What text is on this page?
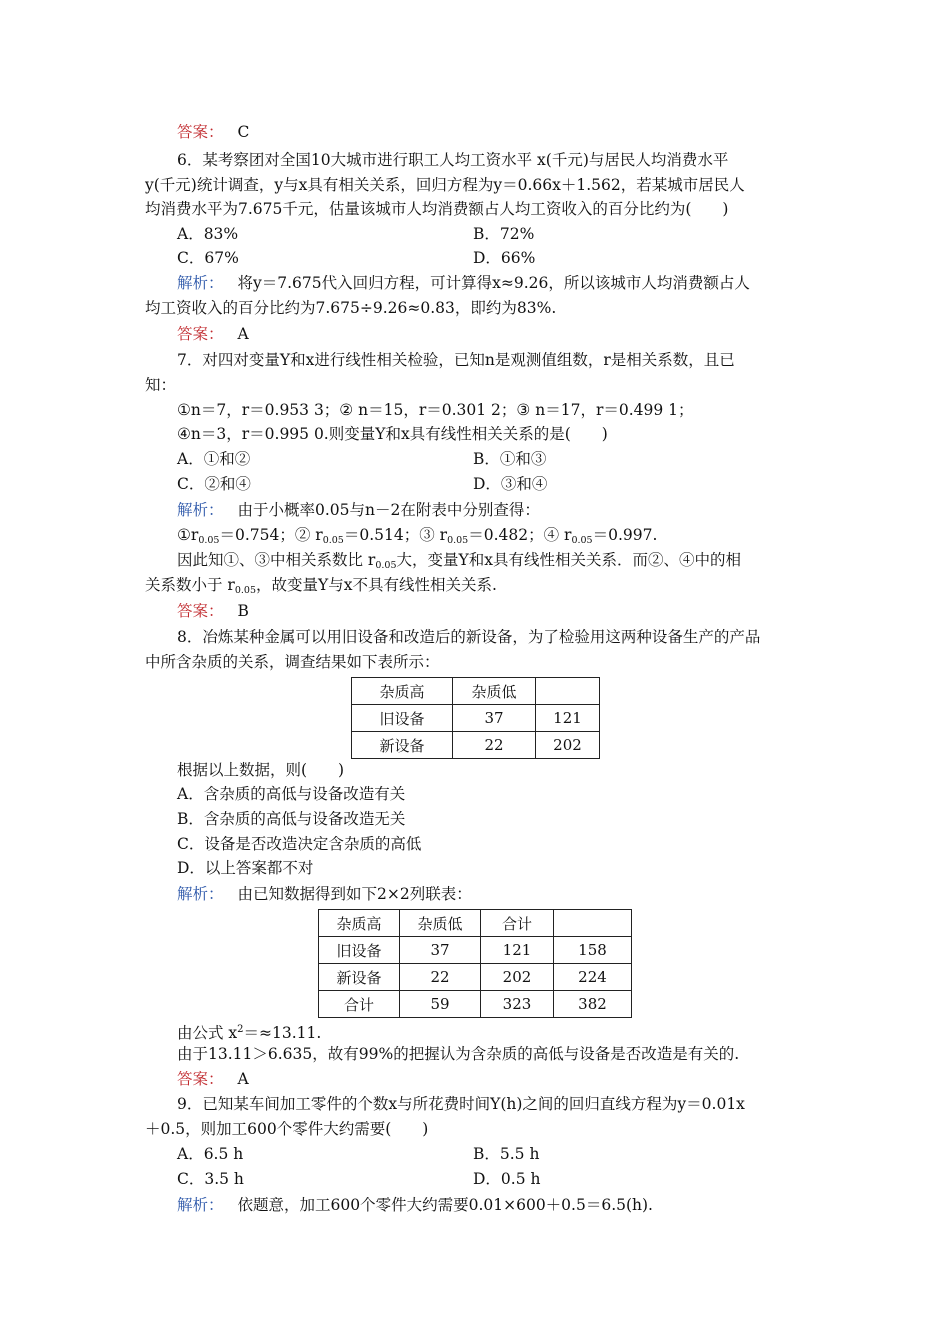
答案： C
6．某考察团对全国10大城市进行职工人均工资水平 x(千元)与居民人均消费水平
y(千元)统计调查，y与x具有相关关系，回归方程为y＝0.66x＋1.562，若某城市居民人
均消费水平为7.675千元，估量该城市人均消费额占人均工资收入的百分比约为(　　)
A．83%	B．72%
C．67%	D．66%
解析： 将y＝7.675代入回归方程，可计算得x≈9.26，所以该城市人均消费额占人
均工资收入的百分比约为7.675÷9.26≈0.83，即约为83%.
答案： A
7．对四对变量Y和x进行线性相关检验，已知n是观测值组数，r是相关系数，且已
知：
①n＝7，r＝0.953 3；② n＝15，r＝0.301 2；③ n＝17，r＝0.499 1；
④n＝3，r＝0.995 0.则变量Y和x具有线性相关关系的是(　　)
A．①和②	B．①和③
C．②和④	D．③和④
解析： 由于小概率0.05与n－2在附表中分别查得：
$①r_{0.05}=0.754$；② $r_{0.05}=0.514$；③ $r_{0.05}=0.482$；④ $r_{0.05}=0.997$.
因此知①、③中相关系数比 $r_{0.05}$大，变量Y和x具有线性相关关系．而②、④中的相
关系数小于 $r_{0.05}$，故变量Y与x不具有线性相关关系.
答案： B
8．冶炼某种金属可以用旧设备和改造后的新设备，为了检验用这两种设备生产的产品
中所含杂质的关系，调查结果如下表所示：
杂质高	杂质低	
旧设备	37	121
新设备	22	202
根据以上数据，则(　　)
A．含杂质的高低与设备改造有关
B．含杂质的高低与设备改造无关
C．设备是否改造决定含杂质的高低
D．以上答案都不对
解析： 由已知数据得到如下2×2列联表：
杂质高	杂质低	合计	
旧设备	37	121	158
新设备	22	202	224
合计	59	323	382
由公式 $x^2=\approx 13.11$.
由于13.11＞6.635，故有99%的把握认为含杂质的高低与设备是否改造是有关的.
答案： A
9．已知某车间加工零件的个数x与所花费时间Y(h)之间的回归直线方程为y＝0.01x
＋0.5，则加工600个零件大约需要(　　)
A．6.5 h	B．5.5 h
C．3.5 h	D．0.5 h
解析： 依题意，加工600个零件大约需要0.01×600＋0.5＝6.5(h).
